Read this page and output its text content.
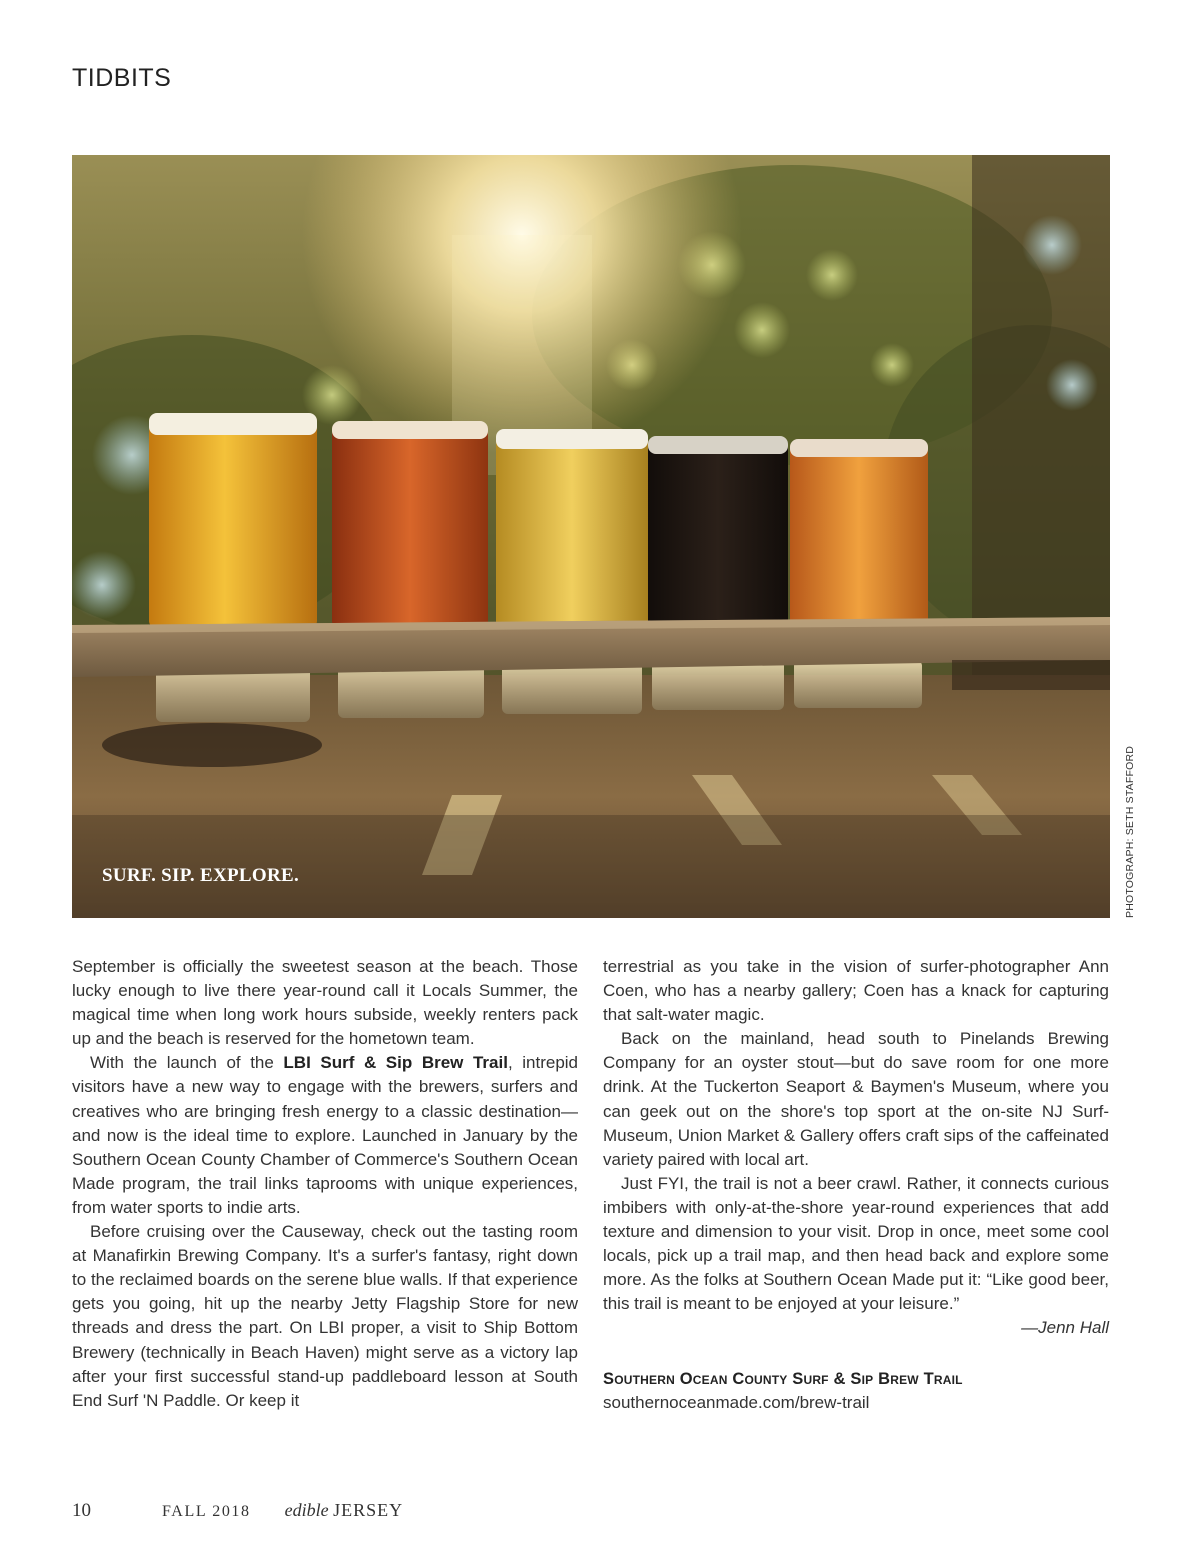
TIDBITS
SURF. SIP. EXPLORE.	PHOTOGRAPH: SETH STAFFORD

September is officially the sweetest season at the beach. Those lucky enough to live there year-round call it Locals Summer, the magical time when long work hours subside, weekly renters pack up and the beach is reserved for the hometown team.

With the launch of the LBI Surf & Sip Brew Trail, intrepid visitors have a new way to engage with the brewers, surfers and creatives who are bringing fresh energy to a classic destination—and now is the ideal time to explore. Launched in January by the Southern Ocean County Chamber of Commerce's Southern Ocean Made program, the trail links taprooms with unique experiences, from water sports to indie arts.

Before cruising over the Causeway, check out the tasting room at Manafirkin Brewing Company. It's a surfer's fantasy, right down to the reclaimed boards on the serene blue walls. If that experience gets you going, hit up the nearby Jetty Flagship Store for new threads and dress the part. On LBI proper, a visit to Ship Bottom Brewery (technically in Beach Haven) might serve as a victory lap after your first successful stand-up paddleboard lesson at South End Surf 'N Paddle. Or keep it

terrestrial as you take in the vision of surfer-photographer Ann Coen, who has a nearby gallery; Coen has a knack for capturing that salt-water magic.

Back on the mainland, head south to Pinelands Brewing Company for an oyster stout—but do save room for one more drink. At the Tuckerton Seaport & Baymen's Museum, where you can geek out on the shore's top sport at the on-site NJ Surf-Museum, Union Market & Gallery offers craft sips of the caffeinated variety paired with local art.

Just FYI, the trail is not a beer crawl. Rather, it connects curious imbibers with only-at-the-shore year-round experiences that add texture and dimension to your visit. Drop in once, meet some cool locals, pick up a trail map, and then head back and explore some more. As the folks at Southern Ocean Made put it: “Like good beer, this trail is meant to be enjoyed at your leisure.”

—Jenn Hall

Southern Ocean County Surf & Sip Brew Trail
southernoceanmade.com/brew-trail
10	FALL 2018 edible JERSEY
